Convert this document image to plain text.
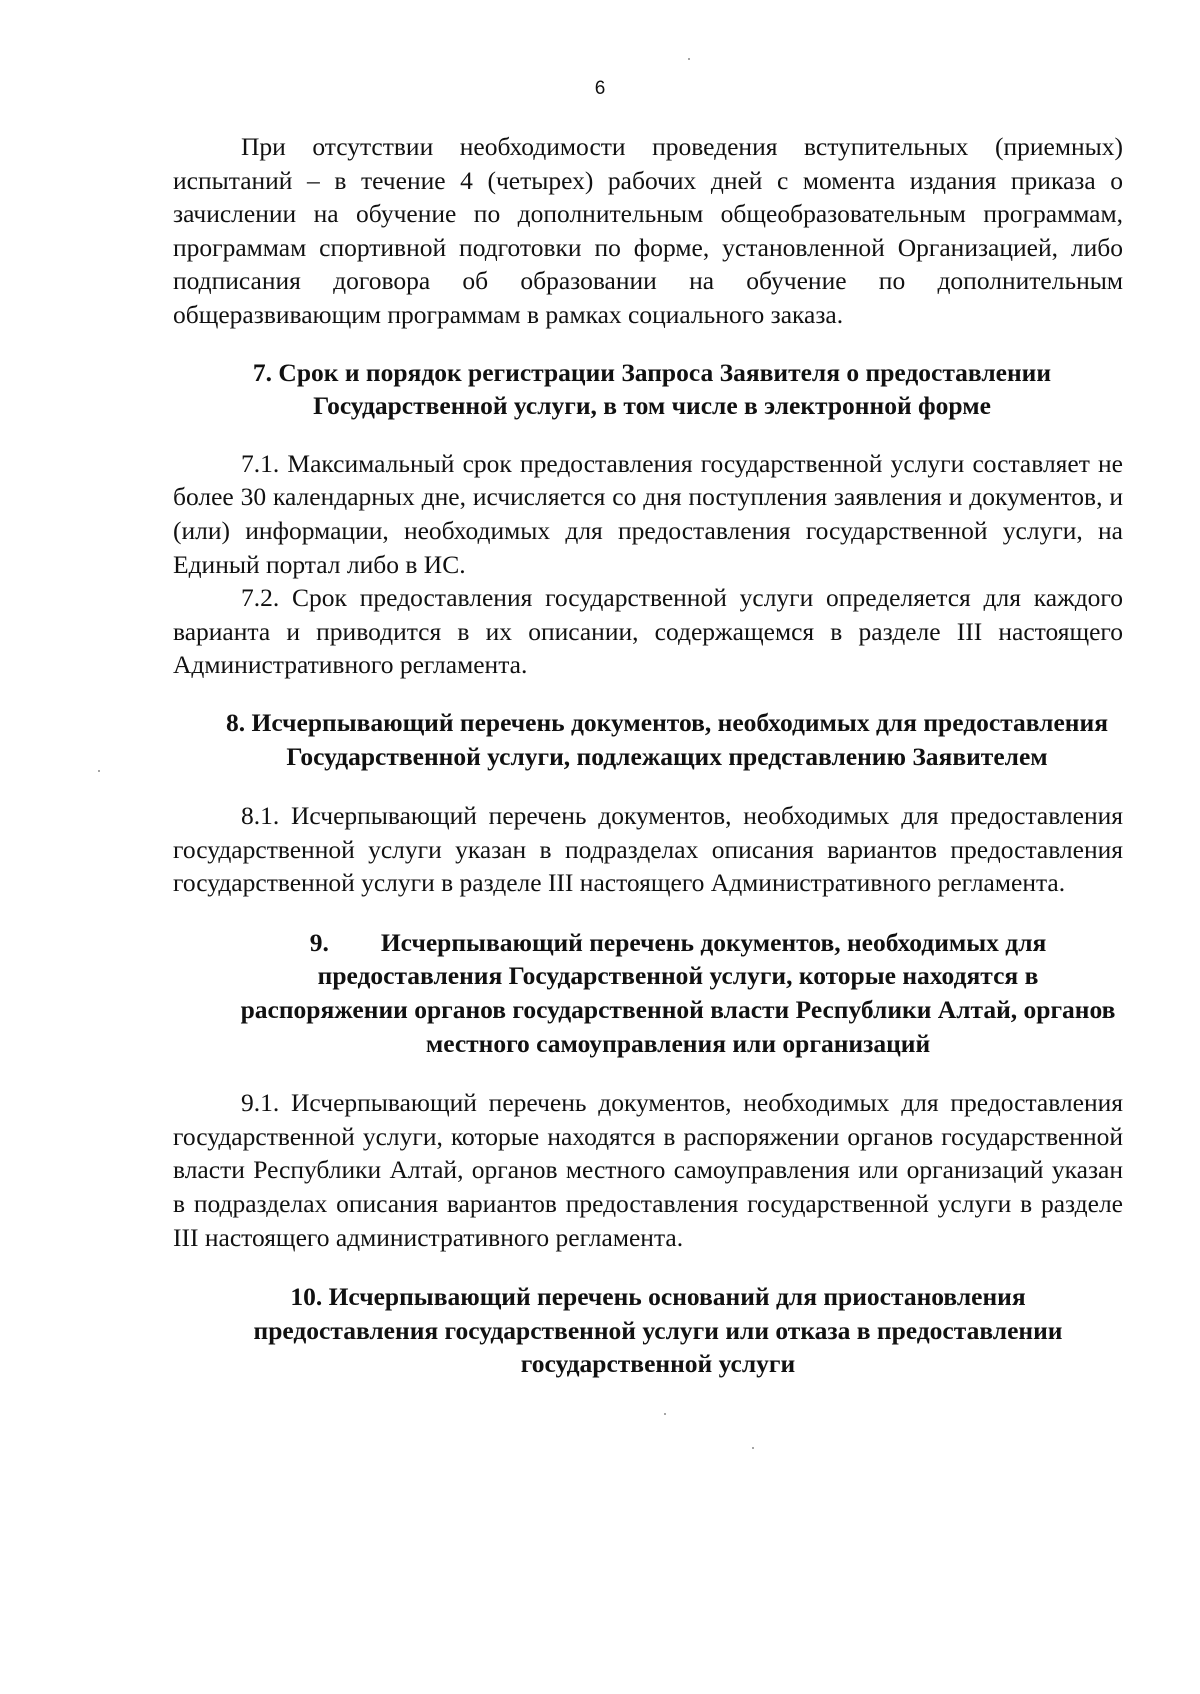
6

При отсутствии необходимости проведения вступительных (приемных) испытаний – в течение 4 (четырех) рабочих дней с момента издания приказа о зачислении на обучение по дополнительным общеобразовательным программам, программам спортивной подготовки по форме, установленной Организацией, либо подписания договора об образовании на обучение по дополнительным общеразвивающим программам в рамках социального заказа.

7. Срок и порядок регистрации Запроса Заявителя о предоставлении Государственной услуги, в том числе в электронной форме

7.1. Максимальный срок предоставления государственной услуги составляет не более 30 календарных дне, исчисляется со дня поступления заявления и документов, и (или) информации, необходимых для предоставления государственной услуги, на Единый портал либо в ИС.

7.2. Срок предоставления государственной услуги определяется для каждого варианта и приводится в их описании, содержащемся в разделе III настоящего Административного регламента.

8. Исчерпывающий перечень документов, необходимых для предоставления Государственной услуги, подлежащих представлению Заявителем

8.1. Исчерпывающий перечень документов, необходимых для предоставления государственной услуги указан в подразделах описания вариантов предоставления государственной услуги в разделе III настоящего Административного регламента.

9. Исчерпывающий перечень документов, необходимых для предоставления Государственной услуги, которые находятся в распоряжении органов государственной власти Республики Алтай, органов местного самоуправления или организаций

9.1. Исчерпывающий перечень документов, необходимых для предоставления государственной услуги, которые находятся в распоряжении органов государственной власти Республики Алтай, органов местного самоуправления или организаций указан в подразделах описания вариантов предоставления государственной услуги в разделе III настоящего административного регламента.

10. Исчерпывающий перечень оснований для приостановления предоставления государственной услуги или отказа в предоставлении государственной услуги
